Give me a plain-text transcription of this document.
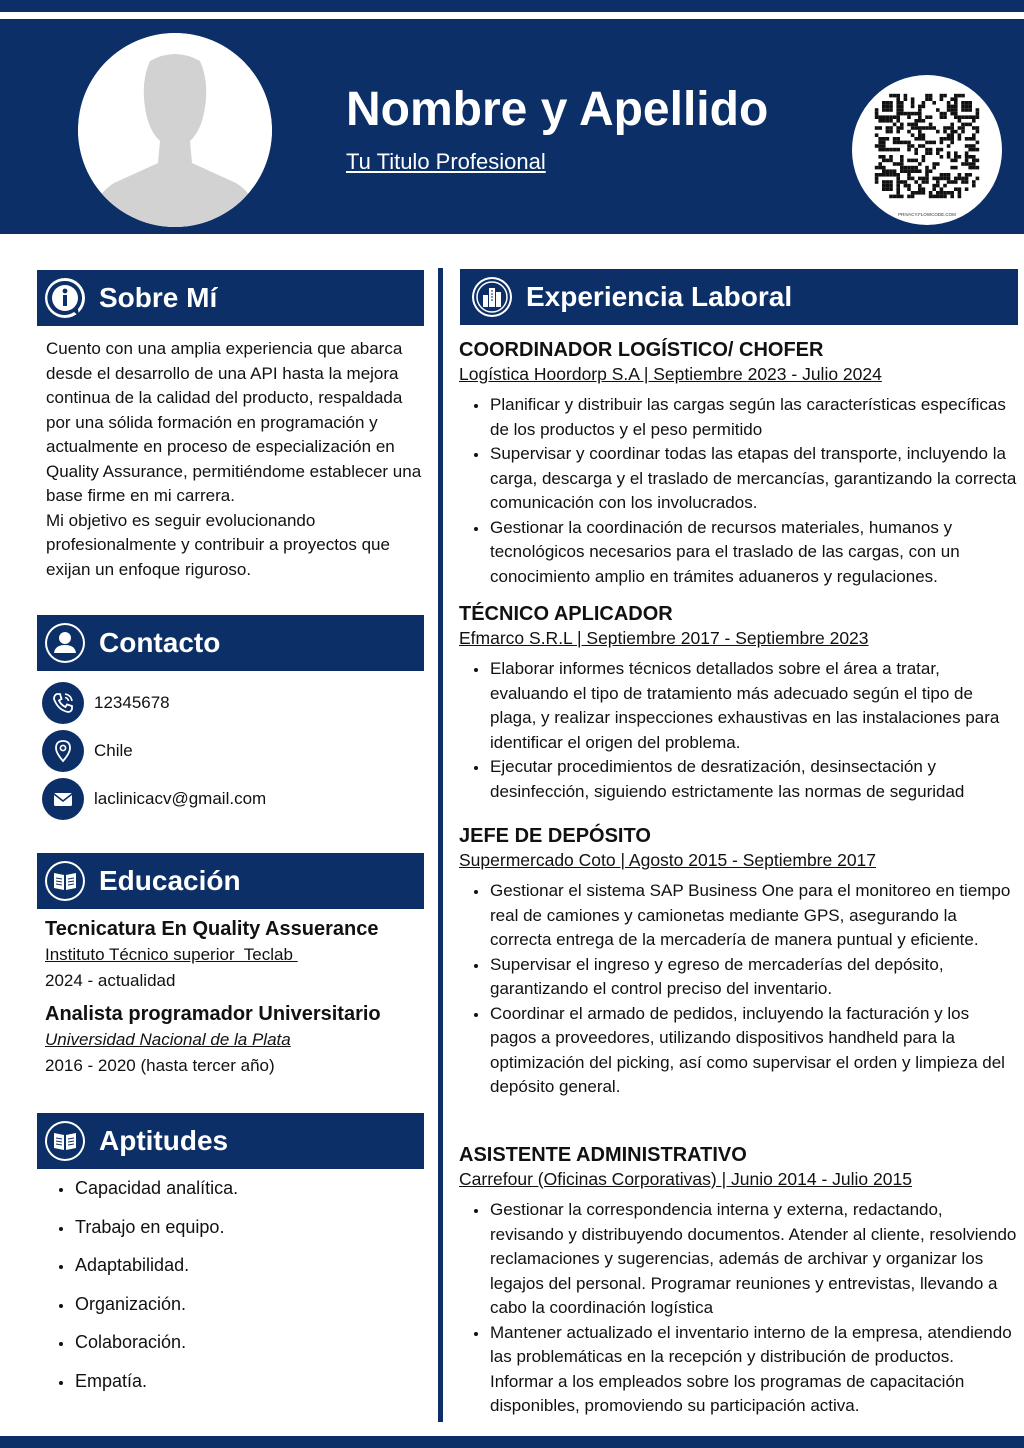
Nombre y Apellido
Tu Titulo Profesional
PRIVACY.FLOWCODE.COM
Sobre Mí

Cuento con una amplia experiencia que abarca desde el desarrollo de una API hasta la mejora continua de la calidad del producto, respaldada por una sólida formación en programación y actualmente en proceso de especialización en Quality Assurance, permitiéndome establecer una base firme en mi carrera.

Mi objetivo es seguir evolucionando profesionalmente y contribuir a proyectos que exijan un enfoque riguroso.

Contacto
12345678
Chile
laclinicacv@gmail.com
Educación
Tecnicatura En Quality Assuerance
Instituto Técnico superior  Teclab
2024 - actualidad
Analista programador Universitario
Universidad Nacional de la Plata
2016 - 2020 (hasta tercer año)
Aptitudes
Capacidad analítica.
Trabajo en equipo.
Adaptabilidad.
Organización.
Colaboración.
Empatía.
Experiencia Laboral
COORDINADOR LOGÍSTICO/ CHOFER
Logística Hoordorp S.A | Septiembre 2023 - Julio 2024
Planificar y distribuir las cargas según las características específicas de los productos y el peso permitido
Supervisar y coordinar todas las etapas del transporte, incluyendo la carga, descarga y el traslado de mercancías, garantizando la correcta comunicación con los involucrados.
Gestionar la coordinación de recursos materiales, humanos y tecnológicos necesarios para el traslado de las cargas, con un conocimiento amplio en trámites aduaneros y regulaciones.
TÉCNICO APLICADOR
Efmarco S.R.L | Septiembre 2017 - Septiembre 2023
Elaborar informes técnicos detallados sobre el área a tratar, evaluando el tipo de tratamiento más adecuado según el tipo de plaga, y realizar inspecciones exhaustivas en las instalaciones para identificar el origen del problema.
Ejecutar procedimientos de desratización, desinsectación y desinfección, siguiendo estrictamente las normas de seguridad
JEFE DE DEPÓSITO
Supermercado Coto | Agosto 2015 - Septiembre 2017
Gestionar el sistema SAP Business One para el monitoreo en tiempo real de camiones y camionetas mediante GPS, asegurando la correcta entrega de la mercadería de manera puntual y eficiente.
Supervisar el ingreso y egreso de mercaderías del depósito, garantizando el control preciso del inventario.
Coordinar el armado de pedidos, incluyendo la facturación y los pagos a proveedores, utilizando dispositivos handheld para la optimización del picking, así como supervisar el orden y limpieza del depósito general.
ASISTENTE ADMINISTRATIVO
Carrefour (Oficinas Corporativas) | Junio 2014 - Julio 2015
Gestionar la correspondencia interna y externa, redactando, revisando y distribuyendo documentos. Atender al cliente, resolviendo reclamaciones y sugerencias, además de archivar y organizar los legajos del personal. Programar reuniones y entrevistas, llevando a cabo la coordinación logística
Mantener actualizado el inventario interno de la empresa, atendiendo las problemáticas en la recepción y distribución de productos. Informar a los empleados sobre los programas de capacitación disponibles, promoviendo su participación activa.
